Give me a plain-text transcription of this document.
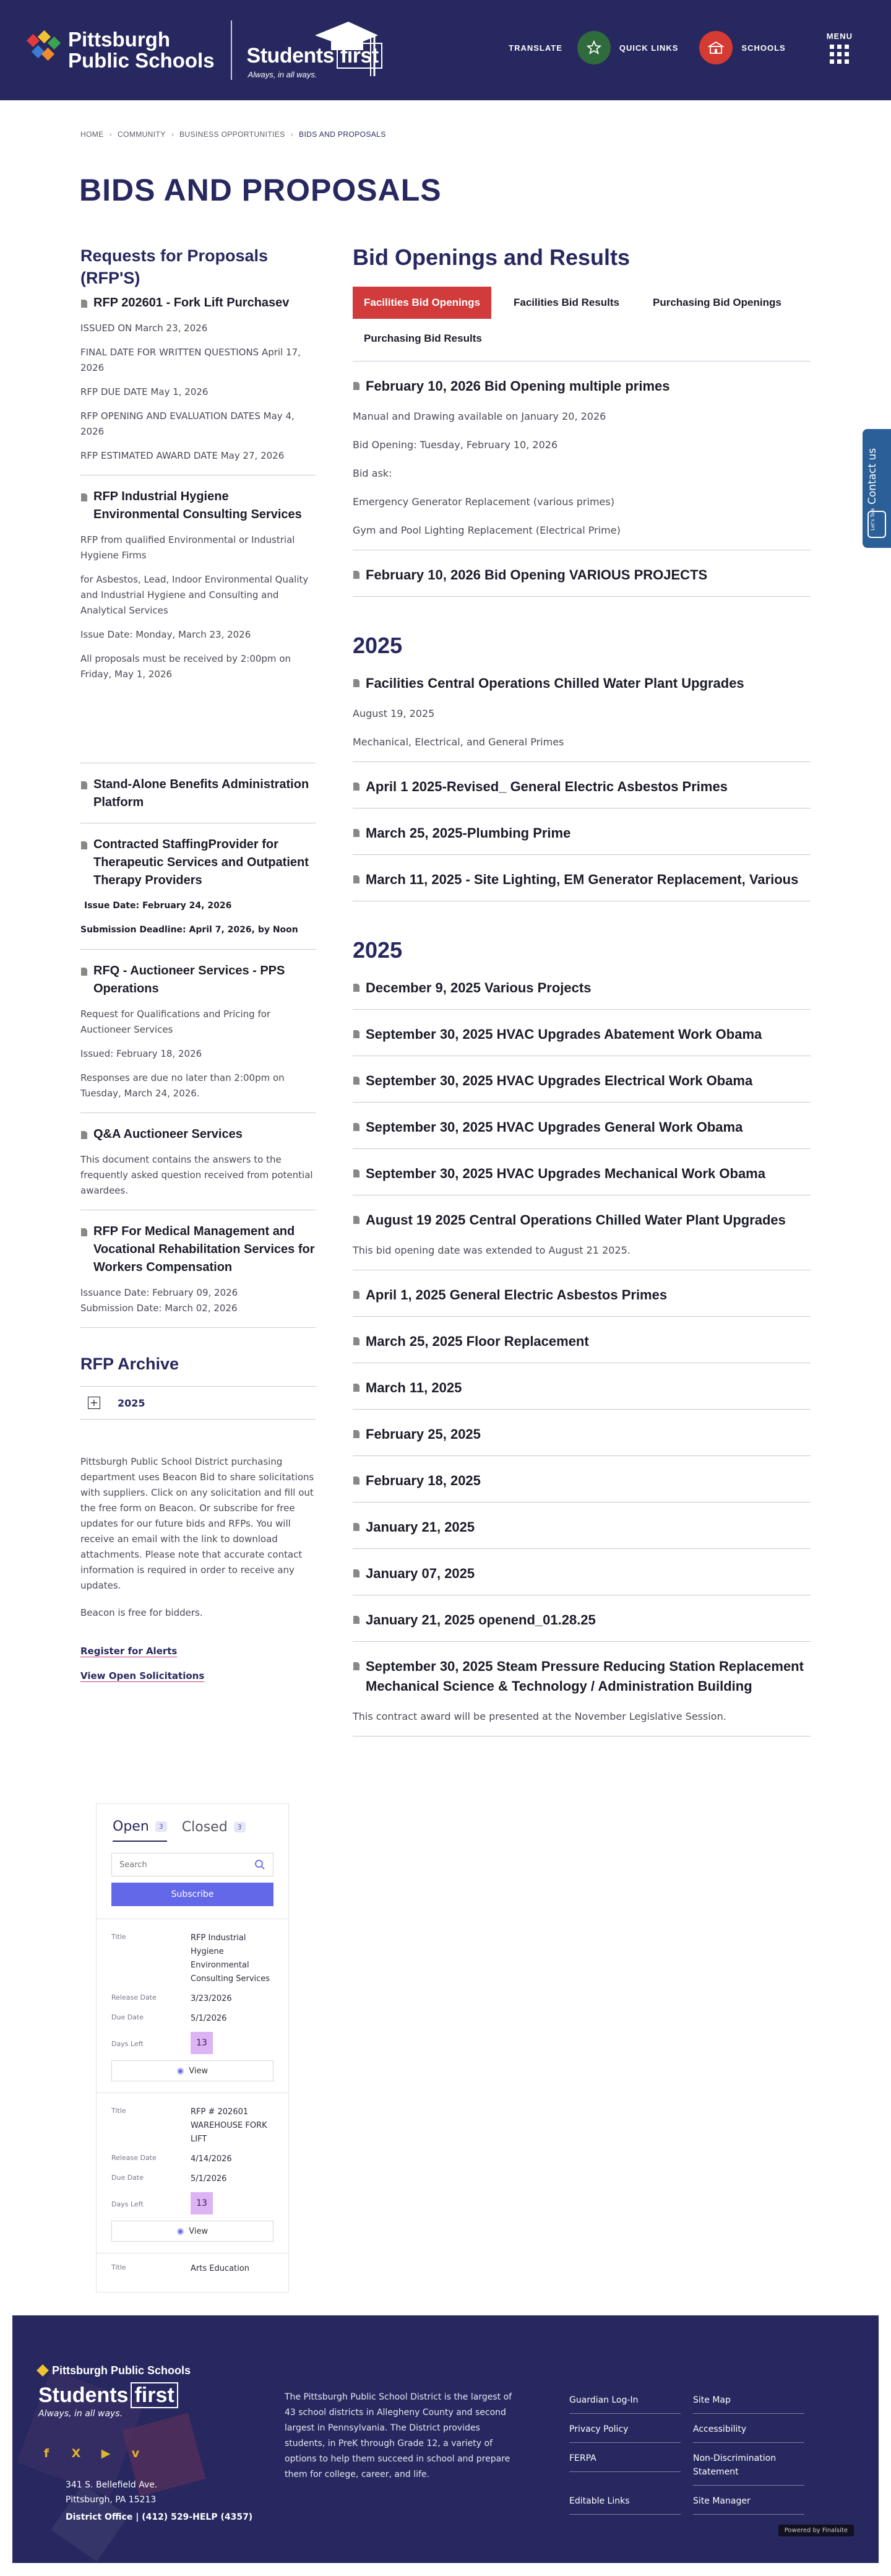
Pittsburgh
Public Schools Students first
Always, in all ways.
TRANSLATE	QUICK LINKS	SCHOOLS
MENU
HOME › COMMUNITY › BUSINESS OPPORTUNITIES › BIDS AND PROPOSALS
BIDS AND PROPOSALS
Requests for Proposals (RFP'S)
RFP 202601 - Fork Lift Purchasev

ISSUED ON March 23, 2026

FINAL DATE FOR WRITTEN QUESTIONS April 17, 2026

RFP DUE DATE May 1, 2026

RFP OPENING AND EVALUATION DATES May 4, 2026

RFP ESTIMATED AWARD DATE May 27, 2026

RFP Industrial Hygiene Environmental Consulting Services

RFP from qualified Environmental or Industrial Hygiene Firms

for Asbestos, Lead, Indoor Environmental Quality and Industrial Hygiene and Consulting and Analytical Services

Issue Date: Monday, March 23, 2026

All proposals must be received by 2:00pm on Friday, May 1, 2026

Stand-Alone Benefits Administration Platform
Contracted StaffingProvider for Therapeutic Services and Outpatient Therapy Providers

Issue Date: February 24, 2026

Submission Deadline: April 7, 2026, by Noon

RFQ - Auctioneer Services - PPS Operations

Request for Qualifications and Pricing for Auctioneer Services

Issued: February 18, 2026

Responses are due no later than 2:00pm on Tuesday, March 24, 2026.

Q&A Auctioneer Services

This document contains the answers to the frequently asked question received from potential awardees.

RFP For Medical Management and Vocational Rehabilitation Services for Workers Compensation

Issuance Date: February 09, 2026
Submission Date: March 02, 2026

RFP Archive
+ 2025

Pittsburgh Public School District purchasing department uses Beacon Bid to share solicitations with suppliers. Click on any solicitation and fill out the free form on Beacon. Or subscribe for free updates for our future bids and RFPs. You will receive an email with the link to download attachments. Please note that accurate contact information is required in order to receive any updates.

Beacon is free for bidders.

Register for Alerts
View Open Solicitations
Open	3 Closed	3
Search
Subscribe
Title	RFP Industrial Hygiene Environmental Consulting Services
Release Date	3/23/2026
Due Date	5/1/2026
Days Left	13
◉ View
Title	RFP # 202601 WAREHOUSE FORK LIFT
Release Date	4/14/2026
Due Date	5/1/2026
Days Left	13
◉ View
Title	Arts Education
Bid Openings and Results
Facilities Bid Openings	Facilities Bid Results	Purchasing Bid Openings
Purchasing Bid Results
February 10, 2026 Bid Opening multiple primes

Manual and Drawing available on January 20, 2026

Bid Opening: Tuesday, February 10, 2026

Bid ask:

Emergency Generator Replacement (various primes)

Gym and Pool Lighting Replacement (Electrical Prime)

February 10, 2026 Bid Opening VARIOUS PROJECTS
2025
Facilities Central Operations Chilled Water Plant Upgrades

August 19, 2025

Mechanical, Electrical, and General Primes

April 1 2025-Revised_ General Electric Asbestos Primes
March 25, 2025-Plumbing Prime
March 11, 2025 - Site Lighting, EM Generator Replacement, Various
2025
December 9, 2025 Various Projects
September 30, 2025 HVAC Upgrades Abatement Work Obama
September 30, 2025 HVAC Upgrades Electrical Work Obama
September 30, 2025 HVAC Upgrades General Work Obama
September 30, 2025 HVAC Upgrades Mechanical Work Obama
August 19 2025 Central Operations Chilled Water Plant Upgrades

This bid opening date was extended to August 21 2025.

April 1, 2025 General Electric Asbestos Primes
March 25, 2025 Floor Replacement
March 11, 2025
February 25, 2025
February 18, 2025
January 21, 2025
January 07, 2025
January 21, 2025 openend_01.28.25
September 30, 2025 Steam Pressure Reducing Station Replacement Mechanical Science & Technology / Administration Building

This contract award will be presented at the November Legislative Session.

Contact us
Let's Talk
Pittsburgh Public Schools
Students first
Always, in all ways.
f	X ▶	v
341 S. Bellefield Ave.
Pittsburgh, PA 15213
District Office | (412) 529-HELP (4357)

The Pittsburgh Public School District is the largest of 43 school districts in Allegheny County and second largest in Pennsylvania. The District provides students, in PreK through Grade 12, a variety of options to help them succeed in school and prepare them for college, career, and life.

Guardian Log-In	Site Map
Privacy Policy	Accessibility
FERPA	Non-Discrimination Statement
Editable Links	Site Manager
Powered by Finalsite
